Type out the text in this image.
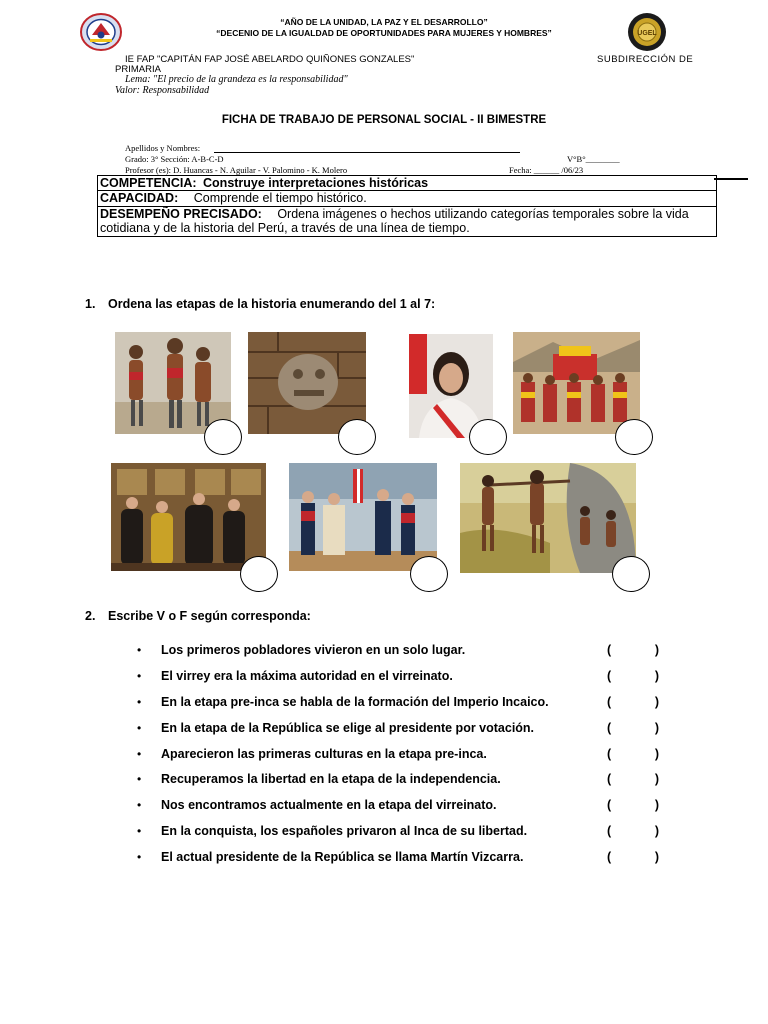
UGEL
“AÑO DE LA UNIDAD, LA PAZ Y EL DESARROLLO”
“DECENIO DE LA IGUALDAD DE OPORTUNIDADES PARA MUJERES Y HOMBRES”
IE FAP "CAPITÁN FAP JOSÉ ABELARDO QUIÑONES GONZALES"	SUBDIRECCIÓN DE
PRIMARIA
Lema: "El precio de la grandeza es la responsabilidad"
Valor: Responsabilidad
FICHA DE TRABAJO DE PERSONAL SOCIAL - II BIMESTRE
Apellidos y Nombres:
Grado: 3° Sección: A-B-C-D	V°B°________
Profesor (es): D. Huancas - N. Aguilar - V. Palomino - K. Molero	Fecha: ______ /06/23
COMPETENCIA: Construye interpretaciones históricas
CAPACIDAD: Comprende el tiempo histórico.
DESEMPEÑO PRECISADO: Ordena imágenes o hechos utilizando categorías temporales sobre la vida cotidiana y de la historia del Perú, a través de una línea de tiempo.
1. Ordena las etapas de la historia enumerando del 1 al 7:
2. Escribe V o F según corresponda:
• Los primeros pobladores vivieron en un solo lugar.	(	)
• El virrey era la máxima autoridad en el virreinato.	(	)
• En la etapa pre-inca se habla de la formación del Imperio Incaico.	(	)
• En la etapa de la República se elige al presidente por votación.	(	)
• Aparecieron las primeras culturas en la etapa pre-inca.	(	)
• Recuperamos la libertad en la etapa de la independencia.	(	)
• Nos encontramos actualmente en la etapa del virreinato.	(	)
• En la conquista, los españoles privaron al Inca de su libertad.	(	)
• El actual presidente de la República se llama Martín Vizcarra.	(	)
